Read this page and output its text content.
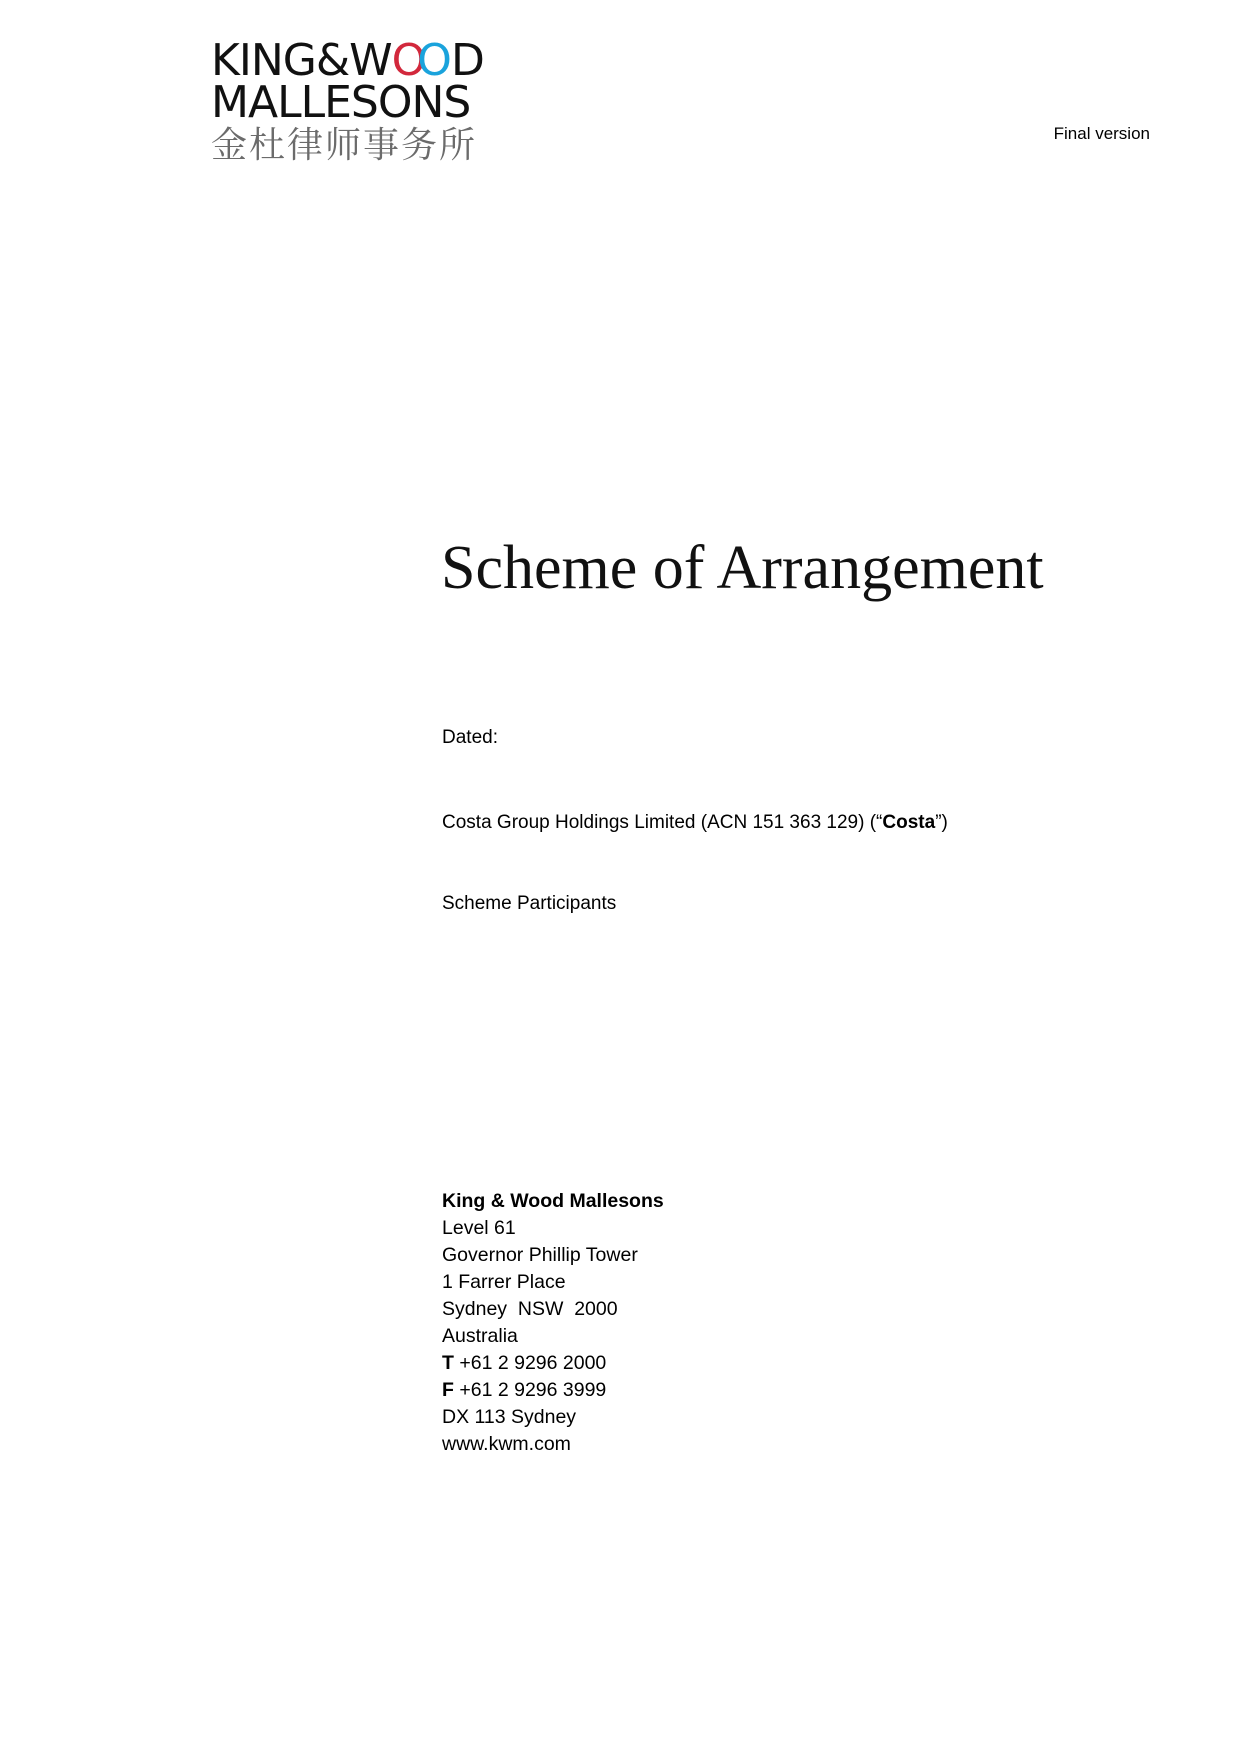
KING&WOOD
MALLESONS
金杜律师事务所	Final version
Scheme of Arrangement
Dated:
Costa Group Holdings Limited (ACN 151 363 129) (“Costa”)
Scheme Participants
King & Wood Mallesons
Level 61
Governor Phillip Tower
1 Farrer Place
Sydney  NSW  2000
Australia
T +61 2 9296 2000
F +61 2 9296 3999
DX 113 Sydney
www.kwm.com
